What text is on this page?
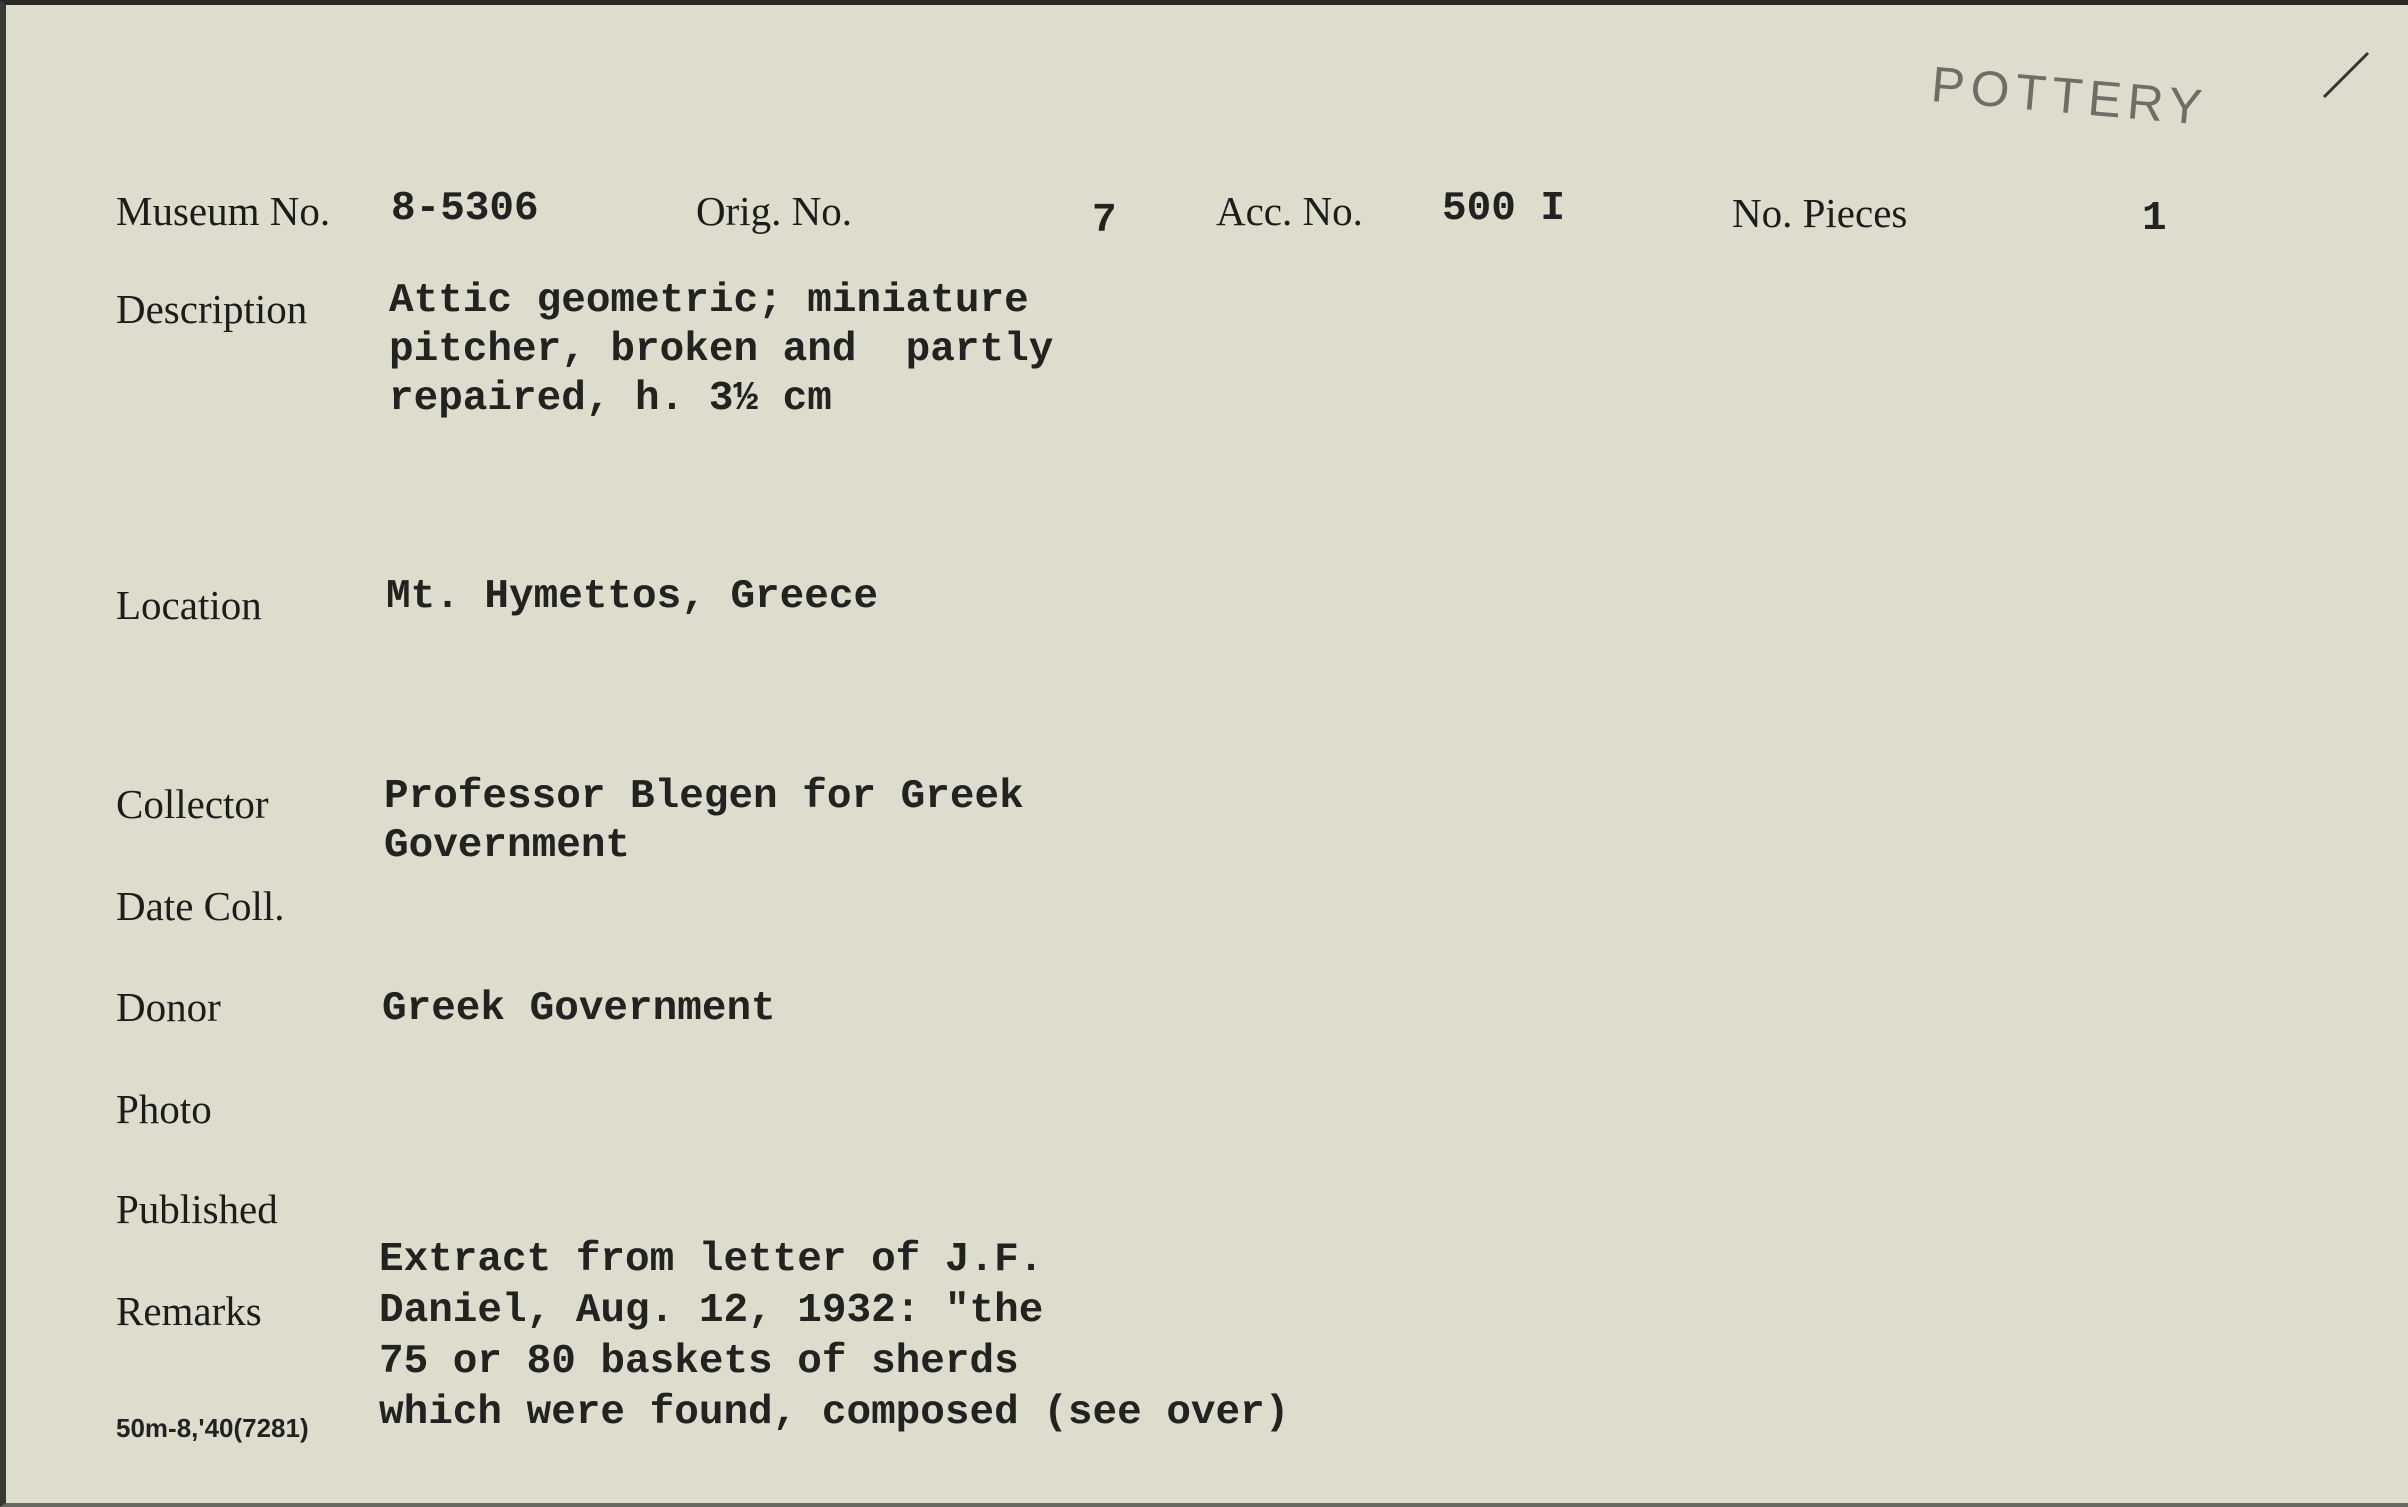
POTTERY
Museum No. 8-5306	Orig. No.	7 Acc. No. 500 I	No. Pieces	1
Description Attic geometric; miniature
pitcher, broken and  partly
repaired, h. 3½ cm
Location	Mt. Hymettos, Greece
Collector	Professor Blegen for Greek
Government
Date Coll.
Donor	Greek Government
Photo
Published
Remarks
Extract from letter of J.F.
Daniel, Aug. 12, 1932: "the
75 or 80 baskets of sherds
which were found, composed (see over)
50m-8,'40(7281)
